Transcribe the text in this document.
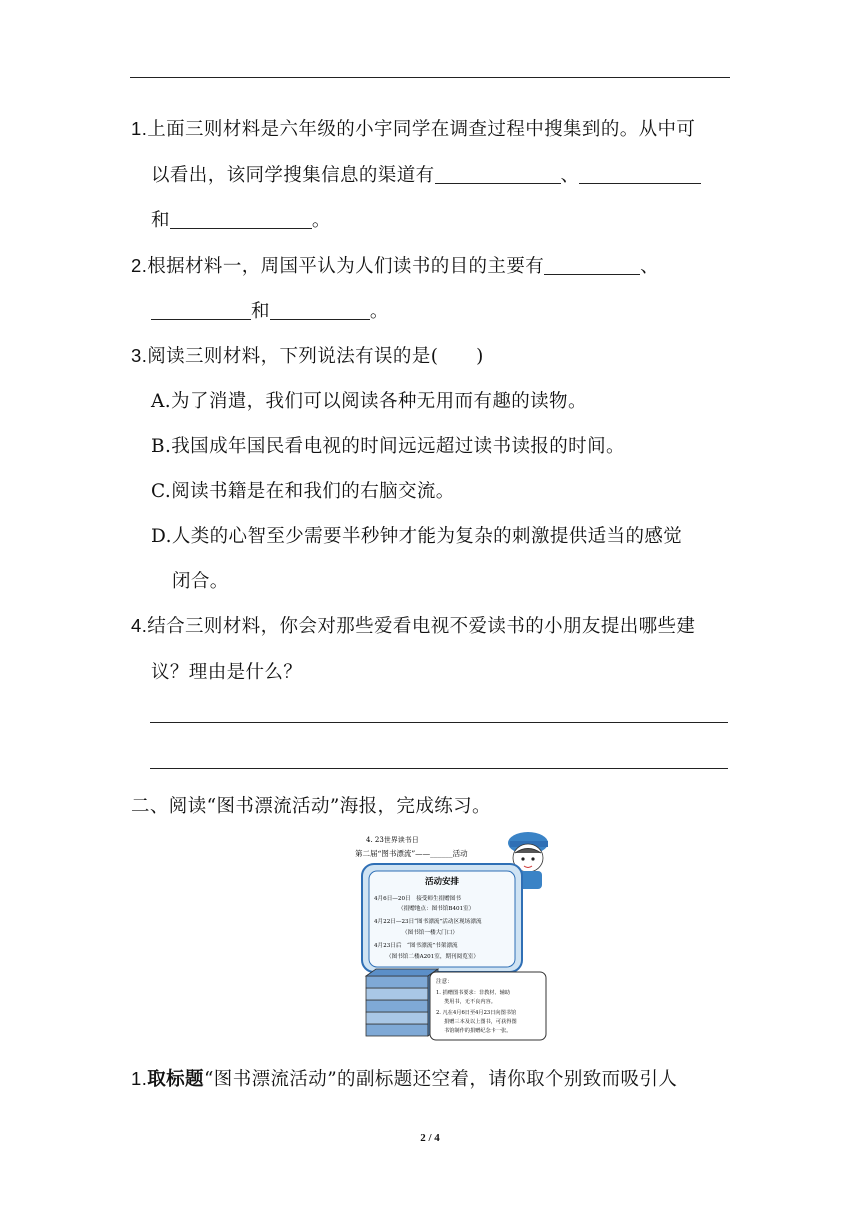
1.上面三则材料是六年级的小宇同学在调查过程中搜集到的。从中可
以看出，该同学搜集信息的渠道有	、
和	。
2.根据材料一，周国平认为人们读书的目的主要有	、
和	。
3.阅读三则材料，下列说法有误的是(　　)
A.为了消遣，我们可以阅读各种无用而有趣的读物。
B.我国成年国民看电视的时间远远超过读书读报的时间。
C.阅读书籍是在和我们的右脑交流。
D.人类的心智至少需要半秒钟才能为复杂的刺激提供适当的感觉
闭合。
4.结合三则材料，你会对那些爱看电视不爱读书的小朋友提出哪些建
议？理由是什么？
二、阅读“图书漂流活动”海报，完成练习。
4. 23世界读书日
第二届“图书漂流”——______活动
活动安排
4月6日—20日　接受师生捐赠图书
（捐赠地点：图书馆B401室）
4月22日—23日“图书漂流”活动区现场漂流
（图书馆一楼大门口）
4月23日后　“图书漂流”书架漂流
（图书馆二楼A201室，期刊阅览室）
注意：
1. 捐赠图书要求：非教材、辅助
类用书，无不良内容。
2. 凡在4月6日至4月23日向图书馆
捐赠三本及以上图书，可获得图
书馆制作的捐赠纪念卡一张。
1.取标题“图书漂流活动”的副标题还空着，请你取个别致而吸引人
2 / 4
